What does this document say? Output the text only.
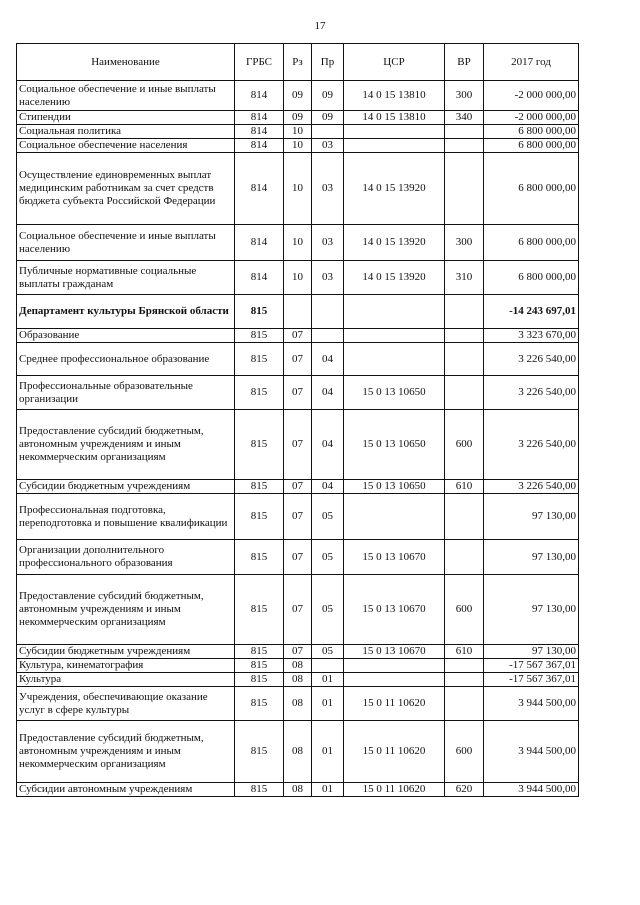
17
Наименование	ГРБС	Рз	Пр	ЦСР	ВР	2017 год
Социальное обеспечение и иные выплаты населению	814	09	09	14 0 15 13810	300	-2 000 000,00
Стипендии	814	09	09	14 0 15 13810	340	-2 000 000,00
Социальная политика	814	10				6 800 000,00
Социальное обеспечение населения	814	10	03			6 800 000,00
Осуществление единовременных выплат медицинским работникам за счет средств бюджета субъекта Российской Федерации	814	10	03	14 0 15 13920		6 800 000,00
Социальное обеспечение и иные выплаты населению	814	10	03	14 0 15 13920	300	6 800 000,00
Публичные нормативные социальные выплаты гражданам	814	10	03	14 0 15 13920	310	6 800 000,00
Департамент культуры Брянской области	815					-14 243 697,01
Образование	815	07				3 323 670,00
Среднее профессиональное образование	815	07	04			3 226 540,00
Профессиональные образовательные организации	815	07	04	15 0 13 10650		3 226 540,00
Предоставление субсидий бюджетным, автономным учреждениям и иным некоммерческим организациям	815	07	04	15 0 13 10650	600	3 226 540,00
Субсидии бюджетным учреждениям	815	07	04	15 0 13 10650	610	3 226 540,00
Профессиональная подготовка, переподготовка и повышение квалификации	815	07	05			97 130,00
Организации дополнительного профессионального образования	815	07	05	15 0 13 10670		97 130,00
Предоставление субсидий бюджетным, автономным учреждениям и иным некоммерческим организациям	815	07	05	15 0 13 10670	600	97 130,00
Субсидии бюджетным учреждениям	815	07	05	15 0 13 10670	610	97 130,00
Культура, кинематография	815	08				-17 567 367,01
Культура	815	08	01			-17 567 367,01
Учреждения, обеспечивающие оказание услуг в сфере культуры	815	08	01	15 0 11 10620		3 944 500,00
Предоставление субсидий бюджетным, автономным учреждениям и иным некоммерческим организациям	815	08	01	15 0 11 10620	600	3 944 500,00
Субсидии автономным учреждениям	815	08	01	15 0 11 10620	620	3 944 500,00
